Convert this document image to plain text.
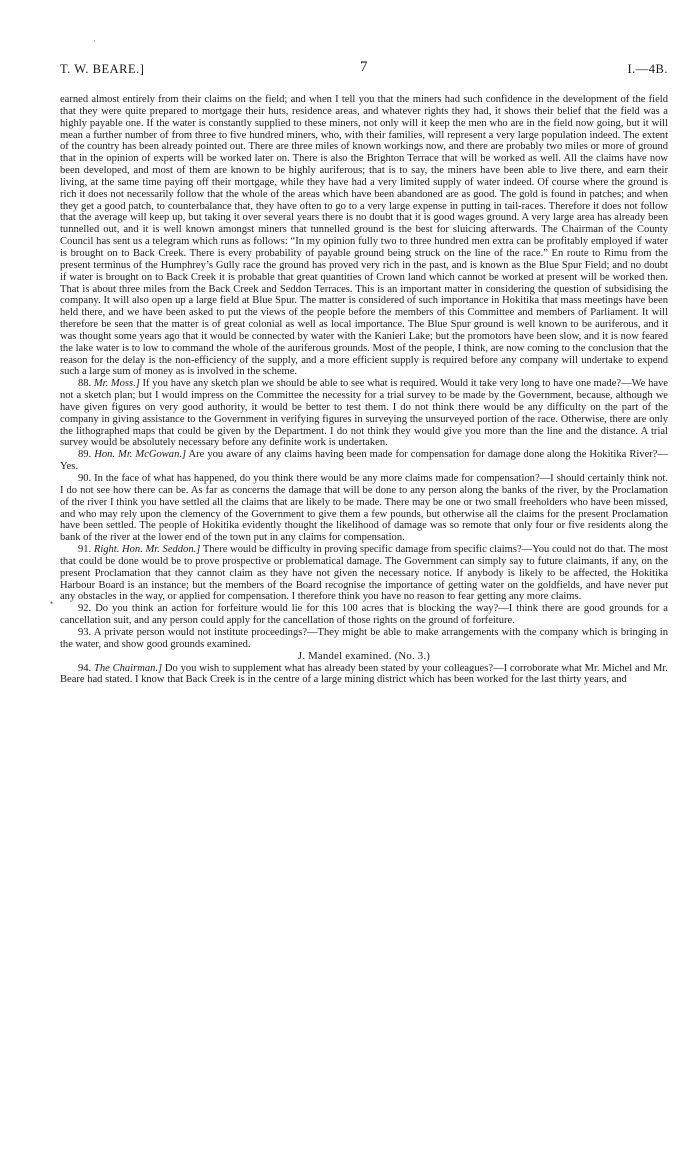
·
•
T. W. BEARE.]	7	I.—4B.

earned almost entirely from their claims on the field; and when I tell you that the miners had such confidence in the development of the field that they were quite prepared to mortgage their huts, residence areas, and whatever rights they had, it shows their belief that the field was a highly payable one. If the water is constantly supplied to these miners, not only will it keep the men who are in the field now going, but it will mean a further number of from three to five hundred miners, who, with their families, will represent a very large population indeed. The extent of the country has been already pointed out. There are three miles of known workings now, and there are probably two miles or more of ground that in the opinion of experts will be worked later on. There is also the Brighton Terrace that will be worked as well. All the claims have now been developed, and most of them are known to be highly auriferous; that is to say, the miners have been able to live there, and earn their living, at the same time paying off their mortgage, while they have had a very limited supply of water indeed. Of course where the ground is rich it does not necessarily follow that the whole of the areas which have been abandoned are as good. The gold is found in patches; and when they get a good patch, to counterbalance that, they have often to go to a very large expense in putting in tail-races. Therefore it does not follow that the average will keep up, but taking it over several years there is no doubt that it is good wages ground. A very large area has already been tunnelled out, and it is well known amongst miners that tunnelled ground is the best for sluicing afterwards. The Chairman of the County Council has sent us a telegram which runs as follows: “In my opinion fully two to three hundred men extra can be profitably employed if water is brought on to Back Creek. There is every probability of payable ground being struck on the line of the race.” En route to Rimu from the present terminus of the Humphrey’s Gully race the ground has proved very rich in the past, and is known as the Blue Spur Field; and no doubt if water is brought on to Back Creek it is probable that great quantities of Crown land which cannot be worked at present will be worked then. That is about three miles from the Back Creek and Seddon Terraces. This is an important matter in considering the question of subsidising the company. It will also open up a large field at Blue Spur. The matter is considered of such importance in Hokitika that mass meetings have been held there, and we have been asked to put the views of the people before the members of this Committee and members of Parliament. It will therefore be seen that the matter is of great colonial as well as local importance. The Blue Spur ground is well known to be auriferous, and it was thought some years ago that it would be connected by water with the Kanieri Lake; but the promotors have been slow, and it is now feared the lake water is to low to command the whole of the auriferous grounds. Most of the people, I think, are now coming to the conclusion that the reason for the delay is the non-efficiency of the supply, and a more efficient supply is required before any company will undertake to expend such a large sum of money as is involved in the scheme.

88. Mr. Moss.] If you have any sketch plan we should be able to see what is required. Would it take very long to have one made?—We have not a sketch plan; but I would impress on the Committee the necessity for a trial survey to be made by the Government, because, although we have given figures on very good authority, it would be better to test them. I do not think there would be any difficulty on the part of the company in giving assistance to the Government in verifying figures in surveying the unsurveyed portion of the race. Otherwise, there are only the lithographed maps that could be given by the Department. I do not think they would give you more than the line and the distance. A trial survey would be absolutely necessary before any definite work is undertaken.

89. Hon. Mr. McGowan.] Are you aware of any claims having been made for compensation for damage done along the Hokitika River?—Yes.

90. In the face of what has happened, do you think there would be any more claims made for compensation?—I should certainly think not. I do not see how there can be. As far as concerns the damage that will be done to any person along the banks of the river, by the Proclamation of the river I think you have settled all the claims that are likely to be made. There may be one or two small freeholders who have been missed, and who may rely upon the clemency of the Government to give them a few pounds, but otherwise all the claims for the present Proclamation have been settled. The people of Hokitika evidently thought the likelihood of damage was so remote that only four or five residents along the bank of the river at the lower end of the town put in any claims for compensation.

91. Right. Hon. Mr. Seddon.] There would be difficulty in proving specific damage from specific claims?—You could not do that. The most that could be done would be to prove prospective or problematical damage. The Government can simply say to future claimants, if any, on the present Proclamation that they cannot claim as they have not given the necessary notice. If anybody is likely to be affected, the Hokitika Harbour Board is an instance; but the members of the Board recognise the importance of getting water on the goldfields, and have never put any obstacles in the way, or applied for compensation. I therefore think you have no reason to fear getting any more claims.

92. Do you think an action for forfeiture would lie for this 100 acres that is blocking the way?—I think there are good grounds for a cancellation suit, and any person could apply for the cancellation of those rights on the ground of forfeiture.

93. A private person would not institute proceedings?—They might be able to make arrangements with the company which is bringing in the water, and show good grounds examined.

J. Mandel examined. (No. 3.)

94. The Chairman.] Do you wish to supplement what has already been stated by your colleagues?—I corroborate what Mr. Michel and Mr. Beare had stated. I know that Back Creek is in the centre of a large mining district which has been worked for the last thirty years, and
